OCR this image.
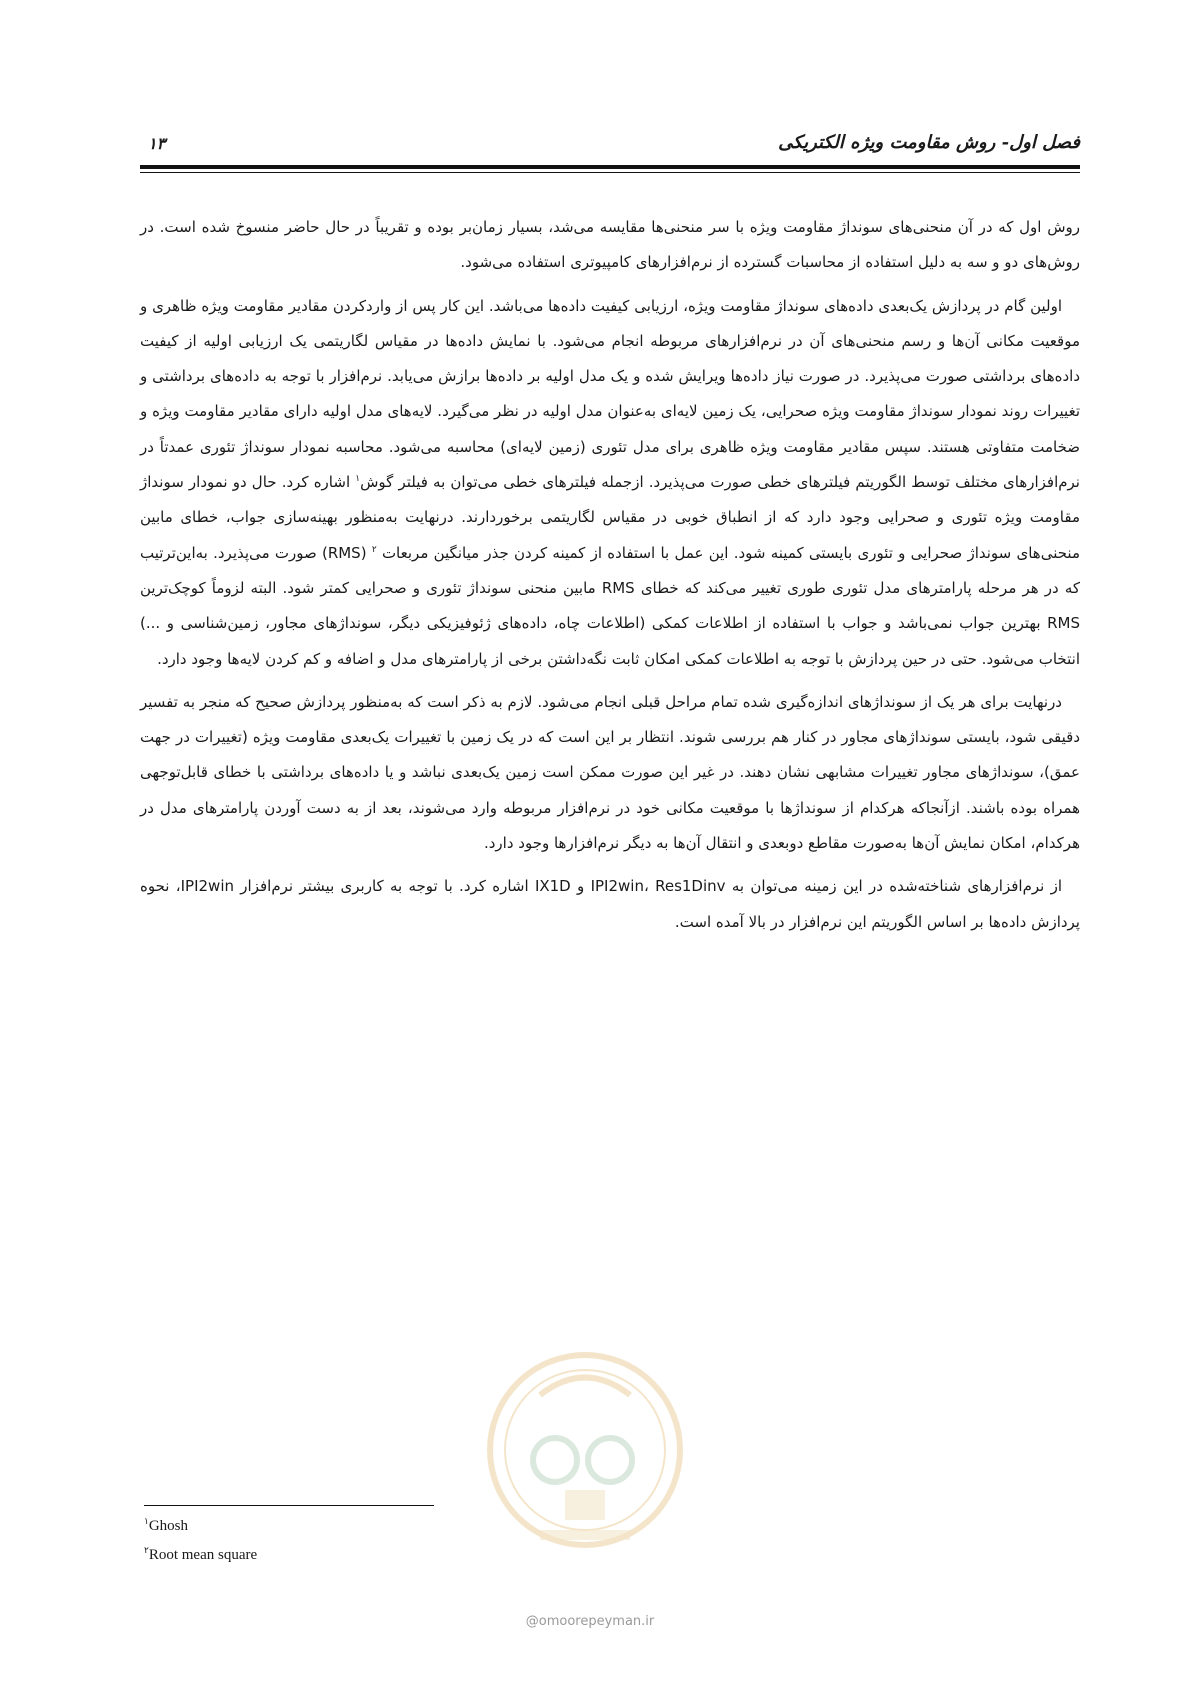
فصل اول- روش مقاومت ویژه الکتریکی
۱۳

روش اول که در آن منحنی‌های سونداژ مقاومت ویژه با سر منحنی‌ها مقایسه می‌شد، بسیار زمان‌بر بوده و تقریباً در حال حاضر منسوخ شده است. در روش‌های دو و سه به دلیل استفاده از محاسبات گسترده از نرم‌افزارهای کامپیوتری استفاده می‌شود.

اولین گام در پردازش یک‌بعدی داده‌های سونداژ مقاومت ویژه، ارزیابی کیفیت داده‌ها می‌باشد. این کار پس از واردکردن مقادیر مقاومت ویژه ظاهری و موقعیت مکانی آن‌ها و رسم منحنی‌های آن در نرم‌افزارهای مربوطه انجام می‌شود. با نمایش داده‌ها در مقیاس لگاریتمی یک ارزیابی اولیه از کیفیت داده‌های برداشتی صورت می‌پذیرد. در صورت نیاز داده‌ها ویرایش شده و یک مدل اولیه بر داده‌ها برازش می‌یابد. نرم‌افزار با توجه به داده‌های برداشتی و تغییرات روند نمودار سونداژ مقاومت ویژه صحرایی، یک زمین لایه‌ای به‌عنوان مدل اولیه در نظر می‌گیرد. لایه‌های مدل اولیه دارای مقادیر مقاومت ویژه و ضخامت متفاوتی هستند. سپس مقادیر مقاومت ویژه ظاهری برای مدل تئوری (زمین لایه‌ای) محاسبه می‌شود. محاسبه نمودار سونداژ تئوری عمدتاً در نرم‌افزارهای مختلف توسط الگوریتم فیلترهای خطی صورت می‌پذیرد. ازجمله فیلترهای خطی می‌توان به فیلتر گوش$^۱$ اشاره کرد. حال دو نمودار سونداژ مقاومت ویژه تئوری و صحرایی وجود دارد که از انطباق خوبی در مقیاس لگاریتمی برخوردارند. درنهایت به‌منظور بهینه‌سازی جواب، خطای مابین منحنی‌های سونداژ صحرایی و تئوری بایستی کمینه شود. این عمل با استفاده از کمینه کردن جذر میانگین مربعات $^۲$ (RMS) صورت می‌پذیرد. به‌این‌ترتیب که در هر مرحله پارامترهای مدل تئوری طوری تغییر می‌کند که خطای RMS مابین منحنی سونداژ تئوری و صحرایی کمتر شود. البته لزوماً کوچک‌ترین RMS بهترین جواب نمی‌باشد و جواب با استفاده از اطلاعات کمکی (اطلاعات چاه، داده‌های ژئوفیزیکی دیگر، سونداژهای مجاور، زمین‌شناسی و ...) انتخاب می‌شود. حتی در حین پردازش با توجه به اطلاعات کمکی امکان ثابت نگه‌داشتن برخی از پارامترهای مدل و اضافه و کم کردن لایه‌ها وجود دارد.

درنهایت برای هر یک از سونداژهای اندازه‌گیری شده تمام مراحل قبلی انجام می‌شود. لازم به ذکر است که به‌منظور پردازش صحیح که منجر به تفسیر دقیقی شود، بایستی سونداژهای مجاور در کنار هم بررسی شوند. انتظار بر این است که در یک زمین با تغییرات یک‌بعدی مقاومت ویژه (تغییرات در جهت عمق)، سونداژهای مجاور تغییرات مشابهی نشان دهند. در غیر این صورت ممکن است زمین یک‌بعدی نباشد و یا داده‌های برداشتی با خطای قابل‌توجهی همراه بوده باشند. ازآنجاکه هرکدام از سونداژها با موقعیت مکانی خود در نرم‌افزار مربوطه وارد می‌شوند، بعد از به دست آوردن پارامترهای مدل در هرکدام، امکان نمایش آن‌ها به‌صورت مقاطع دوبعدی و انتقال آن‌ها به دیگر نرم‌افزارها وجود دارد.

از نرم‌افزارهای شناخته‌شده در این زمینه می‌توان به IPI2win، Res1Dinv و IX1D اشاره کرد. با توجه به کاربری بیشتر نرم‌افزار IPI2win، نحوه پردازش داده‌ها بر اساس الگوریتم این نرم‌افزار در بالا آمده است.

@omoorepeyman.ir
$^۱$Ghosh
$^۲$Root mean square
